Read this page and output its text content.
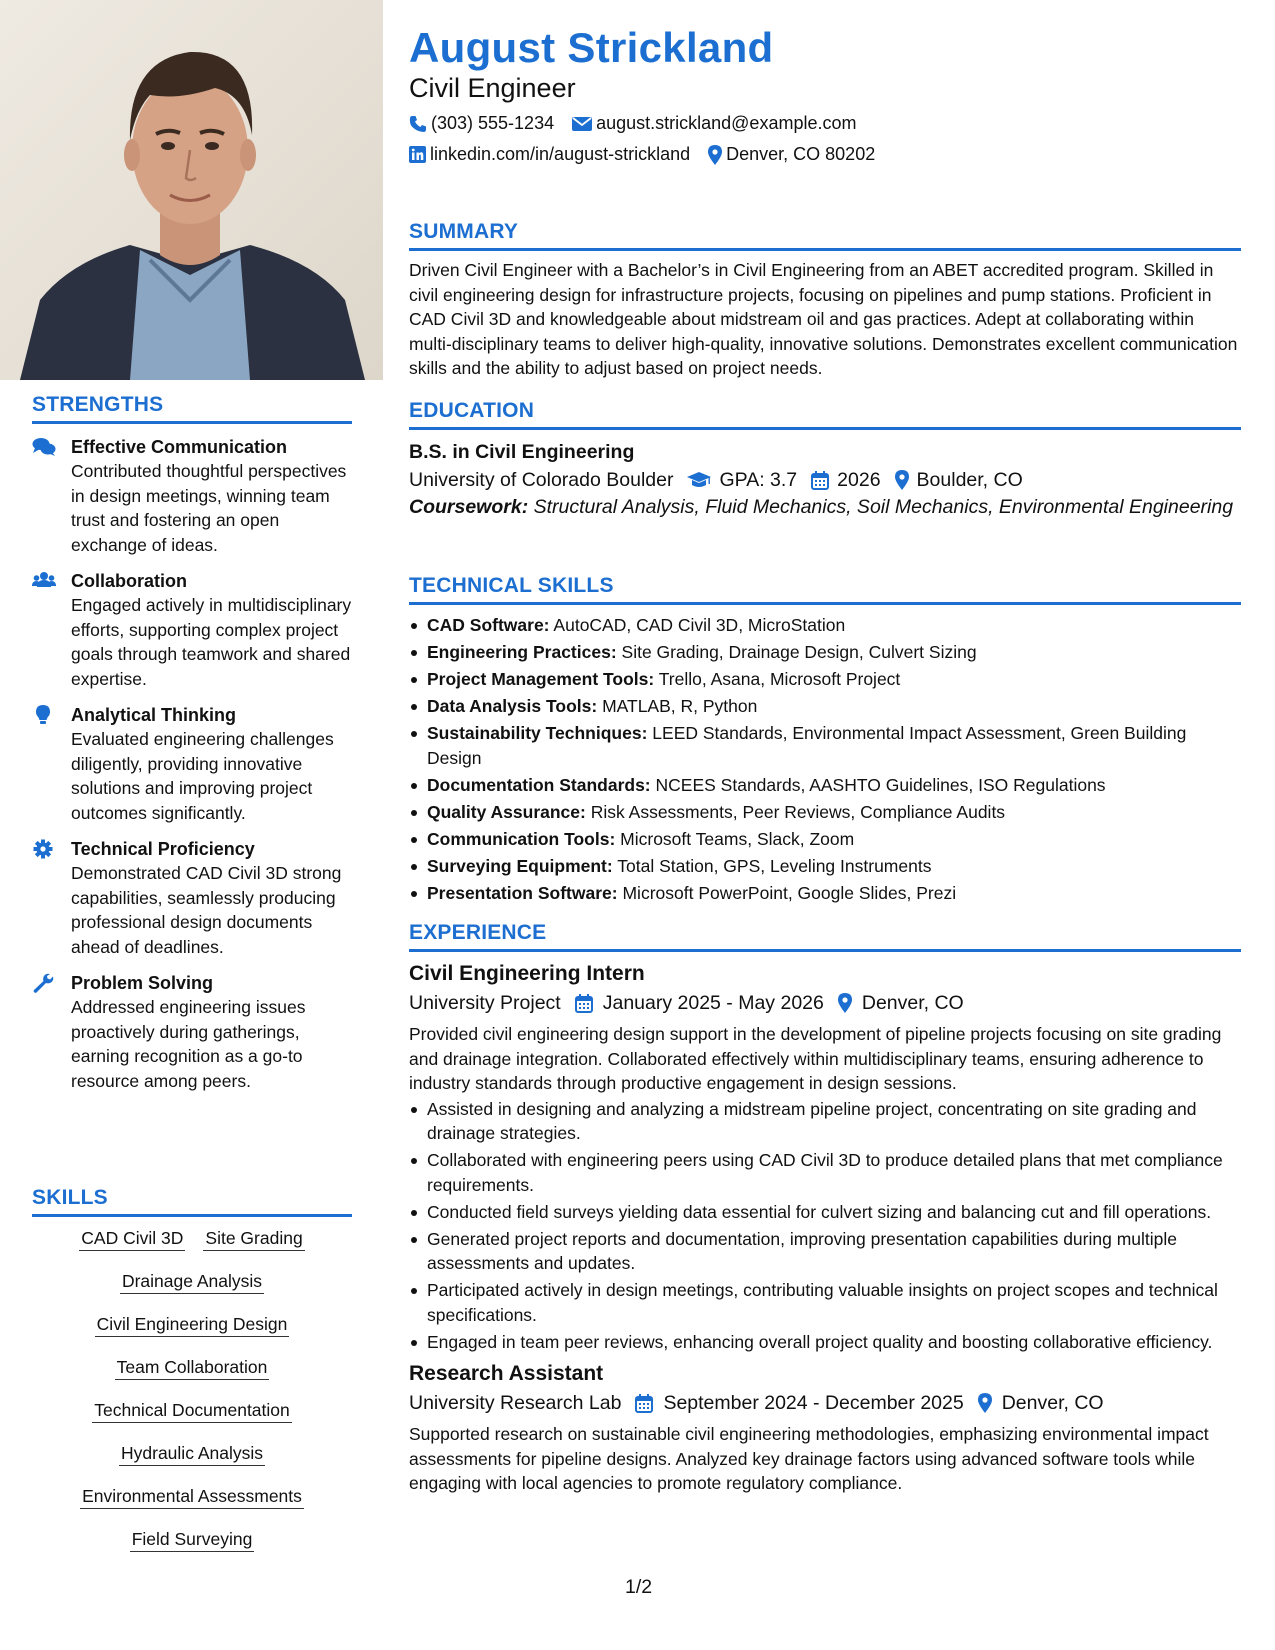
STRENGTHS
Effective Communication
Contributed thoughtful perspectives in design meetings, winning team trust and fostering an open exchange of ideas.
Collaboration
Engaged actively in multidisciplinary efforts, supporting complex project goals through teamwork and shared expertise.
Analytical Thinking
Evaluated engineering challenges diligently, providing innovative solutions and improving project outcomes significantly.
Technical Proficiency
Demonstrated CAD Civil 3D strong capabilities, seamlessly producing professional design documents ahead of deadlines.
Problem Solving
Addressed engineering issues proactively during gatherings, earning recognition as a go-to resource among peers.
SKILLS
CAD Civil 3D Site Grading
Drainage Analysis
Civil Engineering Design
Team Collaboration
Technical Documentation
Hydraulic Analysis
Environmental Assessments
Field Surveying
August Strickland
Civil Engineer
(303) 555-1234 august.strickland@example.com
linkedin.com/in/august-strickland Denver, CO 80202
SUMMARY
Driven Civil Engineer with a Bachelor’s in Civil Engineering from an ABET accredited program. Skilled in civil engineering design for infrastructure projects, focusing on pipelines and pump stations. Proficient in CAD Civil 3D and knowledgeable about midstream oil and gas practices. Adept at collaborating within multi-disciplinary teams to deliver high-quality, innovative solutions. Demonstrates excellent communication skills and the ability to adjust based on project needs.
EDUCATION
B.S. in Civil Engineering
University of Colorado Boulder GPA: 3.7 2026 Boulder, CO
Coursework: Structural Analysis, Fluid Mechanics, Soil Mechanics, Environmental Engineering
TECHNICAL SKILLS
CAD Software: AutoCAD, CAD Civil 3D, MicroStation
Engineering Practices: Site Grading, Drainage Design, Culvert Sizing
Project Management Tools: Trello, Asana, Microsoft Project
Data Analysis Tools: MATLAB, R, Python
Sustainability Techniques: LEED Standards, Environmental Impact Assessment, Green Building Design
Documentation Standards: NCEES Standards, AASHTO Guidelines, ISO Regulations
Quality Assurance: Risk Assessments, Peer Reviews, Compliance Audits
Communication Tools: Microsoft Teams, Slack, Zoom
Surveying Equipment: Total Station, GPS, Leveling Instruments
Presentation Software: Microsoft PowerPoint, Google Slides, Prezi
EXPERIENCE
Civil Engineering Intern
University Project January 2025 - May 2026 Denver, CO
Provided civil engineering design support in the development of pipeline projects focusing on site grading and drainage integration. Collaborated effectively within multidisciplinary teams, ensuring adherence to industry standards through productive engagement in design sessions.
Assisted in designing and analyzing a midstream pipeline project, concentrating on site grading and drainage strategies.
Collaborated with engineering peers using CAD Civil 3D to produce detailed plans that met compliance requirements.
Conducted field surveys yielding data essential for culvert sizing and balancing cut and fill operations.
Generated project reports and documentation, improving presentation capabilities during multiple assessments and updates.
Participated actively in design meetings, contributing valuable insights on project scopes and technical specifications.
Engaged in team peer reviews, enhancing overall project quality and boosting collaborative efficiency.
Research Assistant
University Research Lab September 2024 - December 2025 Denver, CO
Supported research on sustainable civil engineering methodologies, emphasizing environmental impact assessments for pipeline designs. Analyzed key drainage factors using advanced software tools while engaging with local agencies to promote regulatory compliance.
1/2
